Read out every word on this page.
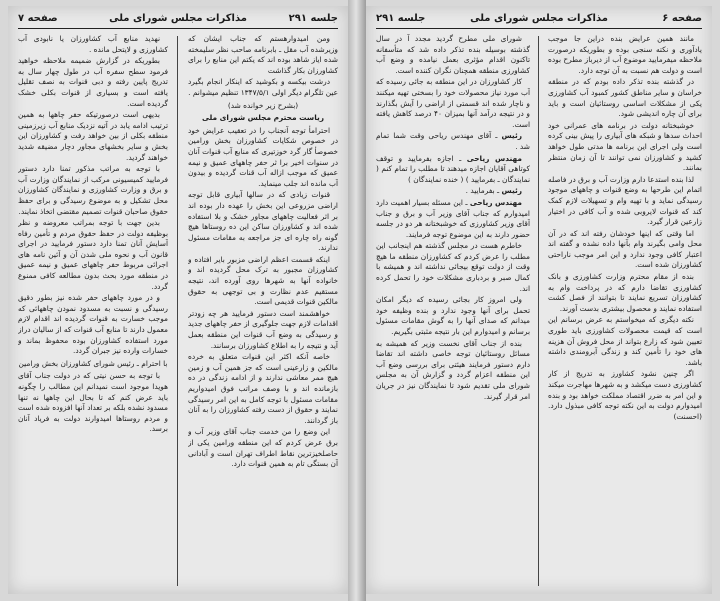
جلسه ۲۹۱
مذاکرات مجلس شورای ملی
صفحه ۷

ومن امیدوارهستم که جناب ایشان که وزیرشده آب مقل ـ بابرنامه صاحب نظر سلیمخته شده ایاز شاهد بوده اند که یکتم این منابع را برای کشاورزان بکار گذاشت

درشت بیکسه و بکوشید که اینکار انجام بگیرد عین تلگرام دیگر اولی ۱۳۴۷/۵/۱ تنظیم میشوانم .

(بشرح زیر خوانده شد)
ریاست محترم مجلس شورای ملی

احترامأ توجه آنجناب را در تعقیب عرایض خود در خصوص شکایات کشاورزان بخش ورامین خصوصأ گار گرد خوزتیری که منابع آب قنوات آنان در سنوات اخیر برا ثر حفر چاههای عمیق و نیمه عمیق که موجب ازاله آب قنات گردیده و بیدون آب مانده اند جلب مینماید.

قنوات زیادی که در سالها آبیاری قابل توجه اراضی مزروعی این بخش را عهده دار بوده اند بر اثر فعالیت چاههای مجاور خشک و بلا استفاده شده اند و کشاورزان ساکن این ده روستاها هیچ گونه راه چاره ای جز مراجعه به مقامات مسئول ندارند.

اینکه قسمت اعظم اراضی مزبور بایر افتاده و کشاورزان مجبور به ترک محل گردیده اند و خانواده آنها به شهرها روی آورده اند، نتیجه مستقیم عدم نظارت و بی توجهی به حقوق مالکین قنوات قدیمی است.

خواهشمند است دستور فرمایید هر چه زودتر اقدامات لازم جهت جلوگیری از حفر چاههای جدید و رسیدگی به وضع آب قنوات این منطقه بعمل آید و نتیجه را به اطلاع کشاورزان برسانند.

خاصه آنکه اکثر این قنوات متعلق به خرده مالکین و زارعینی است که جز همین آب و زمین هیچ ممر معاشی ندارند و از ادامه زندگی در ده بازمانده اند و با وصف مراتب فوق امیدواریم مقامات مسئول با توجه کامل به این امر رسیدگی نمایند و حقوق از دست رفته کشاورزان را به آنان باز گردانند.

این وضع را من خدمت جناب آقای وزیر آب و برق عرض کردم که این منطقه ورامین یکی از حاصلخیزترین نقاط اطراف تهران است و آبادانی آن بستگی تام به همین قنوات دارد.

نهدید منابع آب کشاورزان یا نابودی آب کشاورزی و لایتحل مانده .

بطوریکه در گزارش ضمیمه ملاحظه خواهید فرمود سطح سفره آب در طول چهار سال به تدریج پایین رفته و دبی قنوات به نصف تقلیل یافته است و بسیاری از قنوات بکلی خشک گردیده است.

بدیهی است درصورتیکه حفر چاهها به همین ترتیب ادامه یابد در آتیه نزدیک منابع آب زیرزمینی منطقه بکلی از بین خواهد رفت و کشاورزان این بخش و سایر بخشهای مجاور دچار مضیقه شدید خواهند گردید.

با توجه به مراتب مذکور تمنا دارد دستور فرمایید کمیسیونی مرکب از نمایندگان وزارت آب و برق و وزارت کشاورزی و نمایندگان کشاورزان محل تشکیل و به موضوع رسیدگی و برای حفظ حقوق صاحبان قنوات تصمیم مقتضی اتخاذ نمایند.

بدین جهت با توجه بمراتب معروضه و نظر بوظیفه دولت در حفظ حقوق مردم و تأمین رفاه آسایش آنان تمنا دارد دستور فرمایید در اجرای قانون آب و نحوه ملی شدن آن و آئین نامه های اجرائی مربوط حفر چاههای عمیق و نیمه عمیق در منطقه مورد بحث بدون مطالعه کافی ممنوع گردد.

و در مورد چاههای حفر شده نیز بطور دقیق رسیدگی و نسبت به مسدود نمودن چاههائی که موجب خسارت به قنوات گردیده اند اقدام لازم معمول دارند تا منابع آب قنوات که از سالیان دراز مورد استفاده کشاورزان بوده محفوظ بماند و خسارات وارده نیز جبران گردد.

با احترام ـ رئیس شورای کشاورزان بخش ورامین

با توجه به حسن نیتی که در دولت جناب آقای هویدا موجود است نمیدانم این مطالب را چگونه باید عرض کنم که تا بحال این چاهها نه تنها مسدود نشده بلکه بر تعداد آنها افزوده شده است و مردم روستاها امیدوارند دولت به فریاد آنان برسد.

صفحه ۶
مذاکرات مجلس شورای ملی
جلسه ۲۹۱

مانند همین عرایض بنده دراین جا موجب یادآوری و نکته سنجی بوده و بطوریکه درصورت ملاحظه میفرمایید موضوع آب از دیرباز مطرح بوده است و دولت هم نسبت به آن توجه دارد.

در گذشته بنده تذکر داده بودم که در منطقه خراسان و سایر مناطق کشور کمبود آب کشاورزی یکی از مشکلات اساسی روستائیان است و باید برای آن چاره اندیشی شود.

خوشبختانه دولت در برنامه های عمرانی خود احداث سدها و شبکه های آبیاری را پیش بینی کرده است ولی اجرای این برنامه ها مدتی طول خواهد کشید و کشاورزان نمی توانند تا آن زمان منتظر بمانند.

لذا بنده استدعا دارم وزارت آب و برق در فاصله اتمام این طرحها به وضع قنوات و چاههای موجود رسیدگی نماید و با تهیه وام و تسهیلات لازم کمک کند که قنوات لایروبی شده و آب کافی در اختیار زارعین قرار گیرد.

اما وقتی که اینها خودشان رفته اند که در آن محل وامی بگیرند وام بآنها داده نشده و گفته اند اعتبار کافی وجود ندارد و این امر موجب ناراحتی کشاورزان شده است.

بنده از مقام محترم وزارت کشاورزی و بانک کشاورزی تقاضا دارم که در پرداخت وام به کشاورزان تسریع نمایند تا بتوانند از فصل کشت استفاده نمایند و محصول بیشتری بدست آورند.

نکته دیگری که میخواستم به عرض برسانم این است که قیمت محصولات کشاورزی باید طوری تعیین شود که زارع بتواند از محل فروش آن هزینه های خود را تأمین کند و زندگی آبرومندی داشته باشد.

اگر چنین نشود کشاورز به تدریج از کار کشاورزی دست میکشد و به شهرها مهاجرت میکند و این امر به ضرر اقتصاد مملکت خواهد بود و بنده امیدوارم دولت به این نکته توجه کافی مبذول دارد. (احسنت)

شورای ملی مطرح گردید مجدد آ در سال گذشته بوسیله بنده تذکر داده شد که متأسفانه تاکنون اقدام مؤثری بعمل نیامده و وضع آب کشاورزی منطقه همچنان نگران کننده است.

کار کشاورزان در این منطقه به جائی رسیده که آب مورد نیاز محصولات خود را بسختی تهیه میکنند و ناچار شده اند قسمتی از اراضی را آیش بگذارند و در نتیجه درآمد آنها بمیزان ۴۰ درصد کاهش یافته است.

رئیس ـ آقای مهندس ریاحی وقت شما تمام شد .

مهندس ریاحی ـ اجازه بفرمایید و توقف کوتاهی آقایان اجازه میدهند تا مطلب را تمام کنم ( نمایندگان ـ بفرمایید ) ( خنده نمایندگان )

رئیس ـ بفرمایید .

مهندس ریاحی ـ این مسئله بسیار اهمیت دارد امیدوارم که جناب آقای وزیر آب و برق و جناب آقای وزیر کشاورزی که خوشبختانه هر دو در جلسه حضور دارند به این موضوع توجه فرمایند.

خاطرم هست در مجلس گذشته هم اینجانب این مطلب را عرض کردم که کشاورزان منطقه ما هیچ وقت از دولت توقع بیجائی نداشته اند و همیشه با کمال صبر و بردباری مشکلات خود را تحمل کرده اند.

ولی امروز کار بجائی رسیده که دیگر امکان تحمل برای آنها وجود ندارد و بنده وظیفه خود میدانم که صدای آنها را به گوش مقامات مسئول برسانم و امیدوارم این بار نتیجه مثبتی بگیریم.

بنده از جناب آقای نخست وزیر که همیشه به مسائل روستائیان توجه خاصی داشته اند تقاضا دارم دستور فرمایند هیئتی برای بررسی وضع آب این منطقه اعزام گردد و گزارش آن به مجلس شورای ملی تقدیم شود تا نمایندگان نیز در جریان امر قرار گیرند.
